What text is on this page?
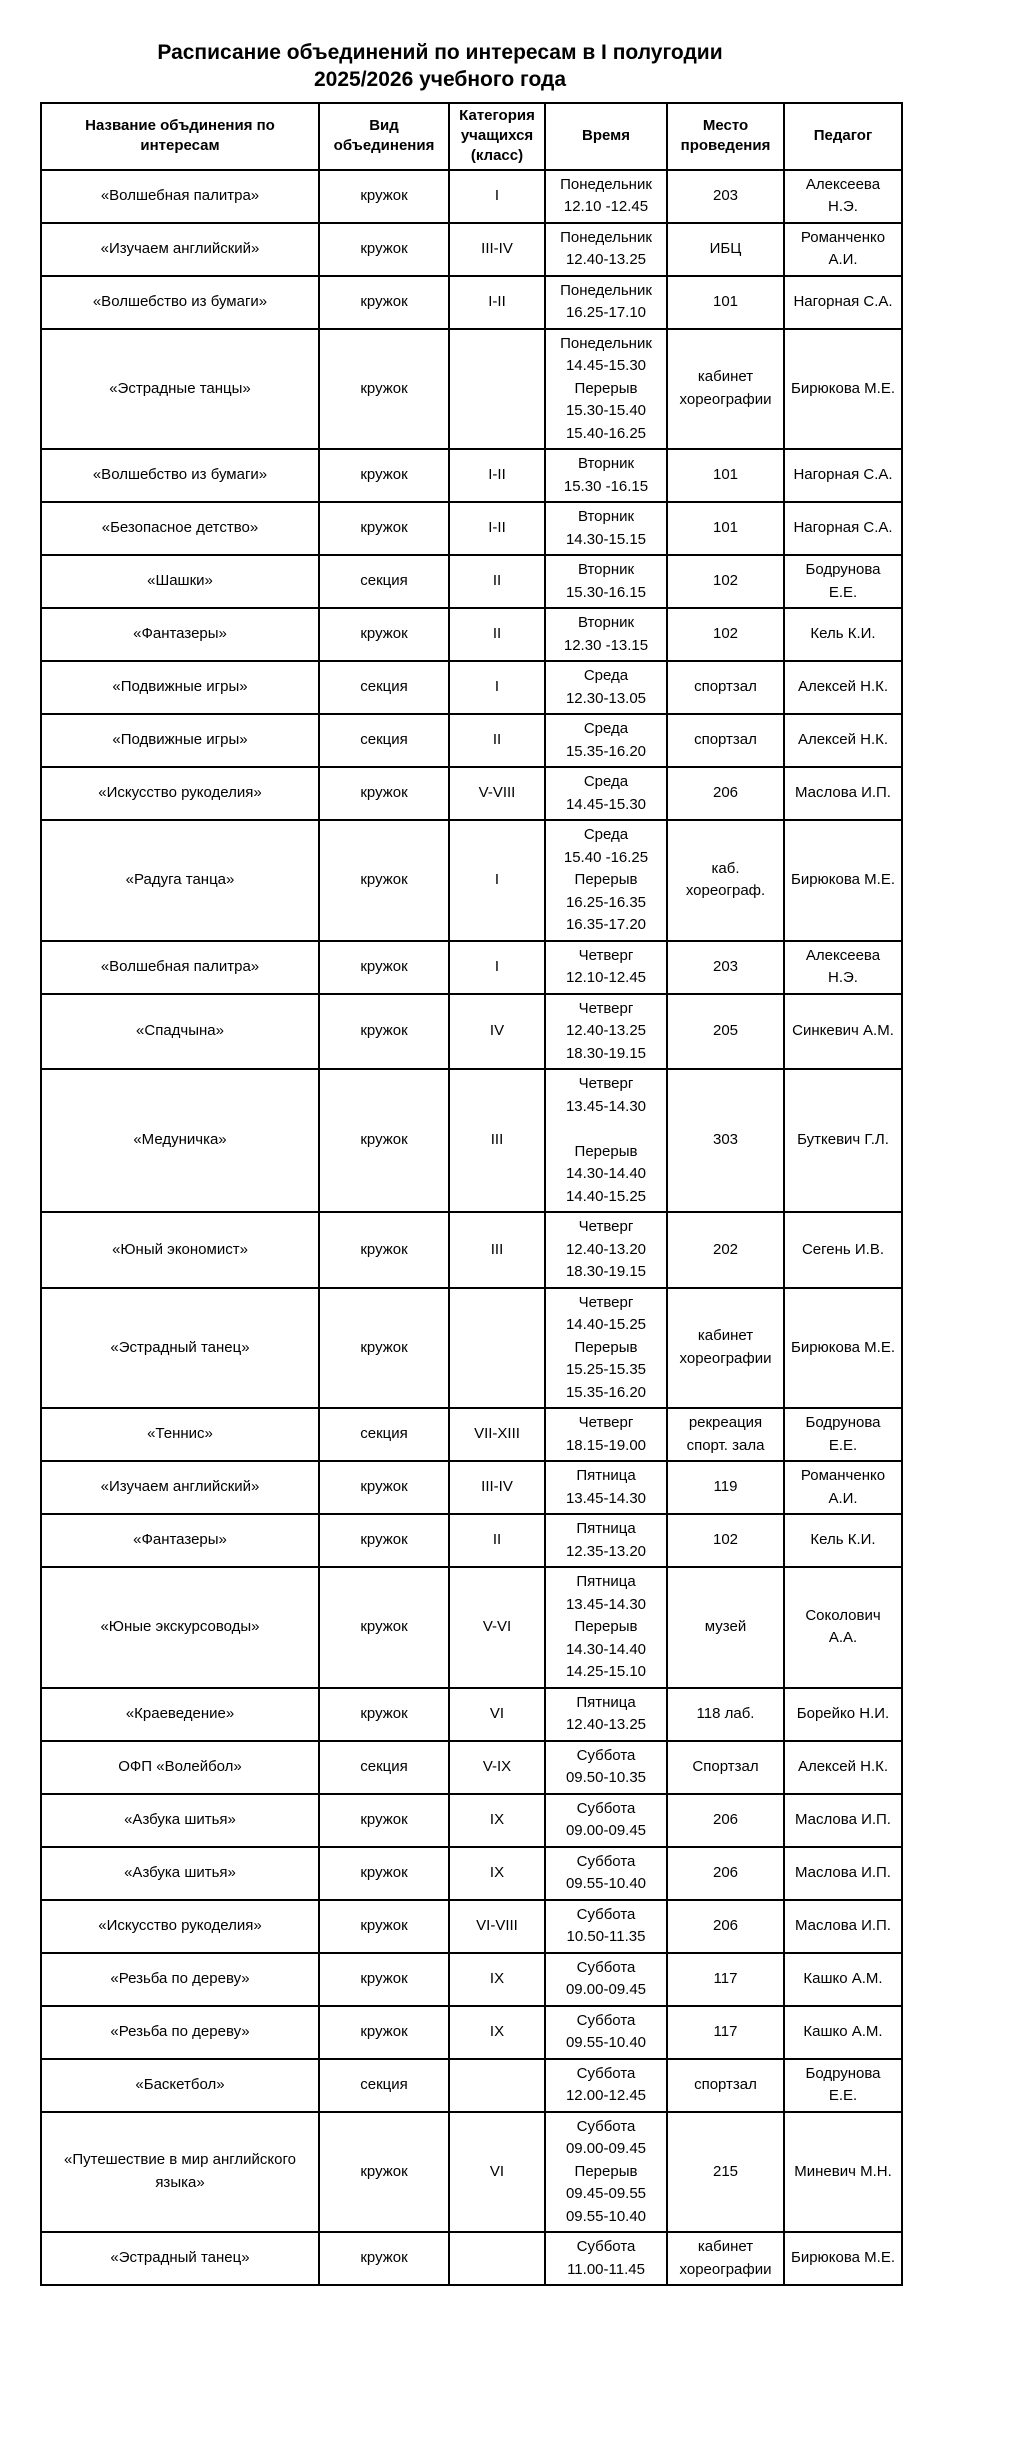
Расписание объединений по интересам в I полугодии
2025/2026 учебного года
Название объдинения по интересам	Вид объединения	Категория учащихся (класс)	Время	Место проведения	Педагог
«Волшебная палитра»	кружок	I	Понедельник
12.10 -12.45	203	Алексеева Н.Э.
«Изучаем английский»	кружок	III-IV	Понедельник
12.40-13.25	ИБЦ	Романченко А.И.
«Волшебство из бумаги»	кружок	I-II	Понедельник
16.25-17.10	101	Нагорная С.А.
«Эстрадные танцы»	кружок		Понедельник
14.45-15.30
Перерыв
15.30-15.40
15.40-16.25	кабинет хореографии	Бирюкова М.Е.
«Волшебство из бумаги»	кружок	I-II	Вторник
15.30 -16.15	101	Нагорная С.А.
«Безопасное детство»	кружок	I-II	Вторник
14.30-15.15	101	Нагорная С.А.
«Шашки»	секция	II	Вторник
15.30-16.15	102	Бодрунова Е.Е.
«Фантазеры»	кружок	II	Вторник
12.30 -13.15	102	Кель К.И.
«Подвижные игры»	секция	I	Среда
12.30-13.05	спортзал	Алексей Н.К.
«Подвижные игры»	секция	II	Среда
15.35-16.20	спортзал	Алексей Н.К.
«Искусство рукоделия»	кружок	V-VIII	Среда
14.45-15.30	206	Маслова И.П.
«Радуга танца»	кружок	I	Среда
15.40 -16.25
Перерыв
16.25-16.35
16.35-17.20	каб. хореограф.	Бирюкова М.Е.
«Волшебная палитра»	кружок	I	Четверг
12.10-12.45	203	Алексеева Н.Э.
«Спадчына»	кружок	IV	Четверг
12.40-13.25
18.30-19.15	205	Синкевич А.М.
«Медуничка»	кружок	III	Четверг
13.45-14.30

Перерыв
14.30-14.40
14.40-15.25	303	Буткевич Г.Л.
«Юный экономист»	кружок	III	Четверг
12.40-13.20
18.30-19.15	202	Сегень И.В.
«Эстрадный танец»	кружок		Четверг
14.40-15.25
Перерыв
15.25-15.35
15.35-16.20	кабинет хореографии	Бирюкова М.Е.
«Теннис»	секция	VII-XIII	Четверг
18.15-19.00	рекреация спорт. зала	Бодрунова Е.Е.
«Изучаем английский»	кружок	III-IV	Пятница
13.45-14.30	119	Романченко А.И.
«Фантазеры»	кружок	II	Пятница
12.35-13.20	102	Кель К.И.
«Юные экскурсоводы»	кружок	V-VI	Пятница
13.45-14.30
Перерыв
14.30-14.40
14.25-15.10	музей	Соколович А.А.
«Краеведение»	кружок	VI	Пятница
12.40-13.25	118 лаб.	Борейко Н.И.
ОФП «Волейбол»	секция	V-IX	Суббота
09.50-10.35	Спортзал	Алексей Н.К.
«Азбука шитья»	кружок	IX	Суббота
09.00-09.45	206	Маслова И.П.
«Азбука шитья»	кружок	IX	Суббота
09.55-10.40	206	Маслова И.П.
«Искусство рукоделия»	кружок	VI-VIII	Суббота
10.50-11.35	206	Маслова И.П.
«Резьба по дереву»	кружок	IX	Суббота
09.00-09.45	117	Кашко А.М.
«Резьба по дереву»	кружок	IX	Суббота
09.55-10.40	117	Кашко А.М.
«Баскетбол»	секция		Суббота
12.00-12.45	спортзал	Бодрунова Е.Е.
«Путешествие в мир английского языка»	кружок	VI	Суббота
09.00-09.45
Перерыв
09.45-09.55
09.55-10.40	215	Миневич М.Н.
«Эстрадный танец»	кружок		Суббота
11.00-11.45	кабинет хореографии	Бирюкова М.Е.
